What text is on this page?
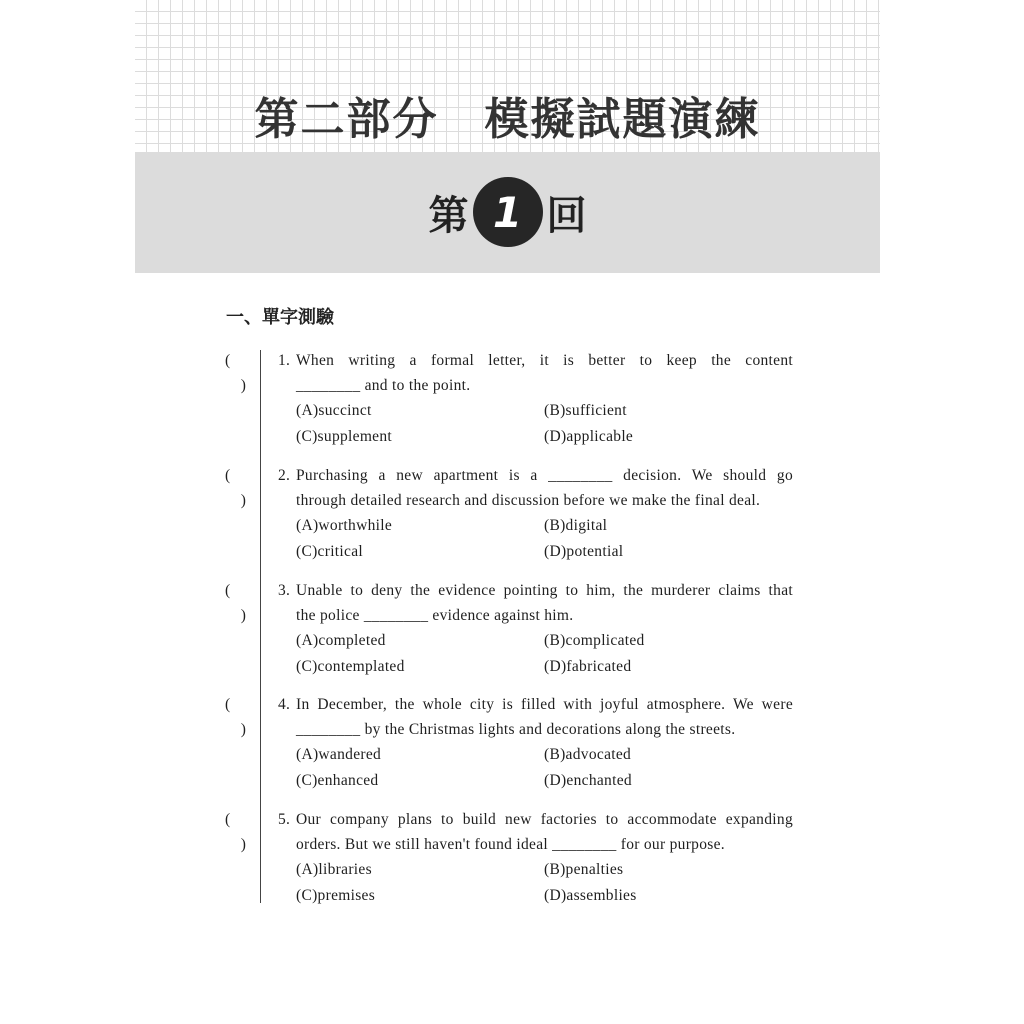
第二部分　模擬試題演練
第 1 回
一、單字測驗
( 　)
1. When writing a formal letter, it is better to keep the content
________ and to the point.
(A)succinct	(B)sufficient
(C)supplement	(D)applicable
( 　)
2. Purchasing a new apartment is a ________ decision. We should go
through detailed research and discussion before we make the final deal.
(A)worthwhile	(B)digital
(C)critical	(D)potential
( 　)
3. Unable to deny the evidence pointing to him, the murderer claims that
the police ________ evidence against him.
(A)completed	(B)complicated
(C)contemplated	(D)fabricated
( 　)
4. In December, the whole city is filled with joyful atmosphere. We were
________ by the Christmas lights and decorations along the streets.
(A)wandered	(B)advocated
(C)enhanced	(D)enchanted
( 　)
5. Our company plans to build new factories to accommodate expanding
orders. But we still haven't found ideal ________ for our purpose.
(A)libraries	(B)penalties
(C)premises	(D)assemblies
